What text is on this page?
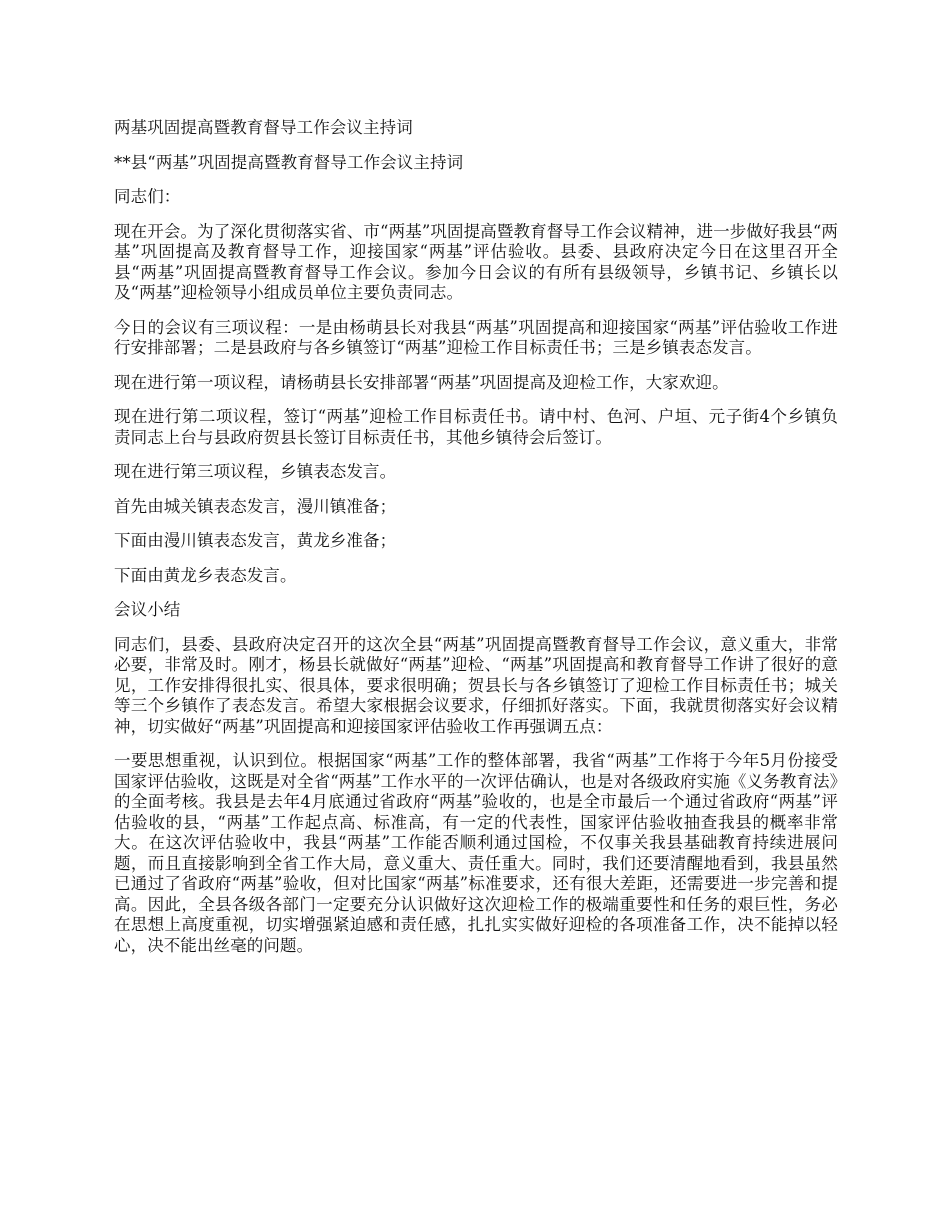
两基巩固提高暨教育督导工作会议主持词

**县“两基”巩固提高暨教育督导工作会议主持词

同志们：

现在开会。为了深化贯彻落实省、市“两基”巩固提高暨教育督导工作会议精神，进一步做好我县“两基”巩固提高及教育督导工作，迎接国家“两基”评估验收。县委、县政府决定今日在这里召开全县“两基”巩固提高暨教育督导工作会议。参加今日会议的有所有县级领导，乡镇书记、乡镇长以及“两基”迎检领导小组成员单位主要负责同志。

今日的会议有三项议程：一是由杨萌县长对我县“两基”巩固提高和迎接国家“两基”评估验收工作进行安排部署；二是县政府与各乡镇签订“两基”迎检工作目标责任书；三是乡镇表态发言。

现在进行第一项议程，请杨萌县长安排部署“两基”巩固提高及迎检工作，大家欢迎。

现在进行第二项议程，签订“两基”迎检工作目标责任书。请中村、色河、户垣、元子街4个乡镇负责同志上台与县政府贺县长签订目标责任书，其他乡镇待会后签订。

现在进行第三项议程，乡镇表态发言。

首先由城关镇表态发言，漫川镇准备；

下面由漫川镇表态发言，黄龙乡准备；

下面由黄龙乡表态发言。

会议小结

同志们，县委、县政府决定召开的这次全县“两基”巩固提高暨教育督导工作会议，意义重大，非常必要，非常及时。刚才，杨县长就做好“两基”迎检、“两基”巩固提高和教育督导工作讲了很好的意见，工作安排得很扎实、很具体，要求很明确；贺县长与各乡镇签订了迎检工作目标责任书；城关等三个乡镇作了表态发言。希望大家根据会议要求，仔细抓好落实。下面，我就贯彻落实好会议精神，切实做好“两基”巩固提高和迎接国家评估验收工作再强调五点：

一要思想重视，认识到位。根据国家“两基”工作的整体部署，我省“两基”工作将于今年5月份接受国家评估验收，这既是对全省“两基”工作水平的一次评估确认，也是对各级政府实施《义务教育法》的全面考核。我县是去年4月底通过省政府“两基”验收的，也是全市最后一个通过省政府“两基”评估验收的县，“两基”工作起点高、标准高，有一定的代表性，国家评估验收抽查我县的概率非常大。在这次评估验收中，我县“两基”工作能否顺利通过国检，不仅事关我县基础教育持续进展问题，而且直接影响到全省工作大局，意义重大、责任重大。同时，我们还要清醒地看到，我县虽然已通过了省政府“两基”验收，但对比国家“两基”标准要求，还有很大差距，还需要进一步完善和提高。因此，全县各级各部门一定要充分认识做好这次迎检工作的极端重要性和任务的艰巨性，务必在思想上高度重视，切实增强紧迫感和责任感，扎扎实实做好迎检的各项准备工作，决不能掉以轻心，决不能出丝毫的问题。
